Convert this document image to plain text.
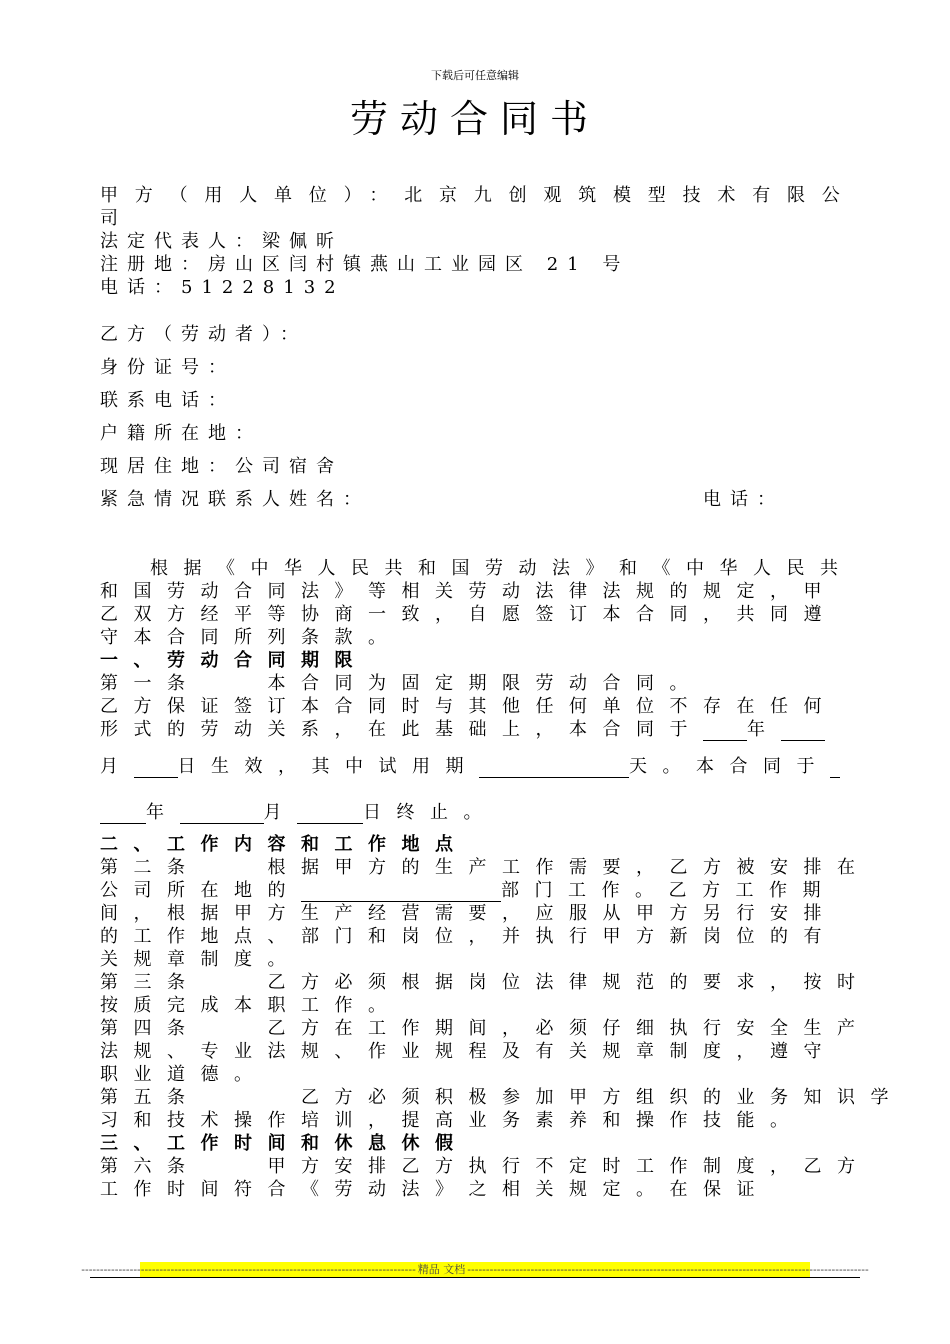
下载后可任意编辑
劳动合同书
甲方（用人单位）：北京九创观筑模型技术有限公
司
法定代表人：梁佩昕
注册地：房山区闫村镇燕山工业园区 21 号
电话：51228132
乙方（劳动者）：
身份证号：
联系电话：
户籍所在地：
现居住地：公司宿舍
紧急情况联系人姓名：	电话：
根据《中华人民共和国劳动法》和《中华人民共
和国劳动合同法》等相关劳动法律法规的规定，甲
乙双方经平等协商一致，自愿签订本合同，共同遵
守本合同所列条款。
一、劳动合同期限
第一条　　本合同为固定期限劳动合同。
乙方保证签订本合同时与其他任何单位不存在任何
形式的劳动关系，在此基础上，本合同于 年
月 日生效，其中试用期	天。本合同于
年	月	日终止。
二、工作内容和工作地点
第二条　　根据甲方的生产工作需要，乙方被安排在
公司所在地的	部门工作。乙方工作期
间，根据甲方生产经营需要，应服从甲方另行安排
的工作地点、部门和岗位，并执行甲方新岗位的有
关规章制度。
第三条　　乙方必须根据岗位法律规范的要求，按时
按质完成本职工作。
第四条　　乙方在工作期间，必须仔细执行安全生产
法规、专业法规、作业规程及有关规章制度，遵守
职业道德。
第五条　　　乙方必须积极参加甲方组织的业务知识学
习和技术操作培训，提高业务素养和操作技能。
三、工作时间和休息休假
第六条　　甲方安排乙方执行不定时工作制度，乙方
工作时间符合《劳动法》之相关规定。在保证
------------------------------------------------------------------------------------------ 精品 文档 ------------------------------------------------------------------------------------------------------------
